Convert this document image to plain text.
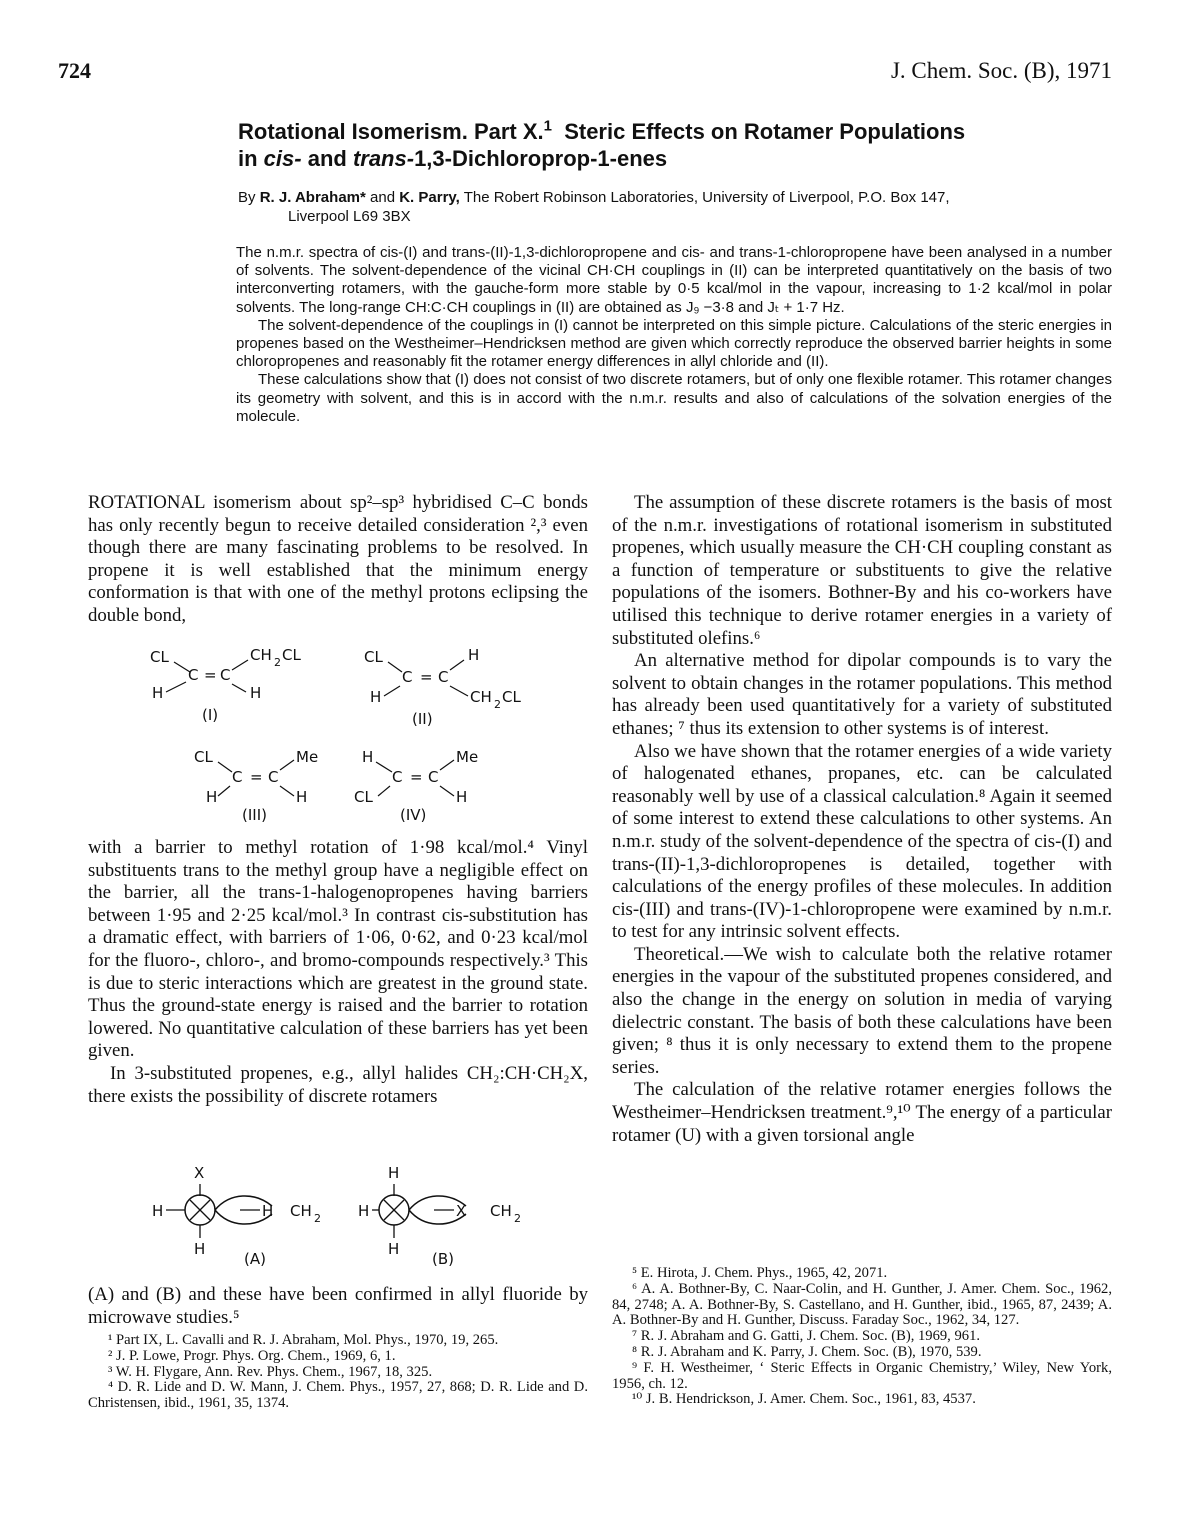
724	J. Chem. Soc. (B), 1971
Rotational Isomerism. Part X.$^1$  Steric Effects on Rotamer Populations
in cis- and trans-1,3-Dichloroprop-1-enes
By R. J. Abraham* and K. Parry, The Robert Robinson Laboratories, University of Liverpool, P.O. Box 147,
Liverpool L69 3BX

The n.m.r. spectra of cis-(I) and trans-(II)-1,3-dichloropropene and cis- and trans-1-chloropropene have been analysed in a number of solvents. The solvent-dependence of the vicinal CH·CH couplings in (II) can be interpreted quantitatively on the basis of two interconverting rotamers, with the gauche-form more stable by 0·5 kcal/mol in the vapour, increasing to 1·2 kcal/mol in polar solvents. The long-range CH:C·CH couplings in (II) are obtained as J₉ −3·8 and Jₜ + 1·7 Hz.

The solvent-dependence of the couplings in (I) cannot be interpreted on this simple picture. Calculations of the steric energies in propenes based on the Westheimer–Hendricksen method are given which correctly reproduce the observed barrier heights in some chloropropenes and reasonably fit the rotamer energy differences in allyl chloride and (II).

These calculations show that (I) does not consist of two discrete rotamers, but of only one flexible rotamer. This rotamer changes its geometry with solvent, and this is in accord with the n.m.r. results and also of calculations of the solvation energies of the molecule.

ROTATIONAL isomerism about sp²–sp³ hybridised C–C bonds has only recently begun to receive detailed consideration ²,³ even though there are many fascinating problems to be resolved. In propene it is well established that the minimum energy conformation is that with one of the methyl protons eclipsing the double bond,

CL
C = C
CH 2 CL
H	H
(I)
CL
C = C
H
H	CH 2 CL
(II)
CL
C = C
Me
H	H
(III)
H
C = C
Me
CL	H
(IV)

with a barrier to methyl rotation of 1·98 kcal/mol.⁴ Vinyl substituents trans to the methyl group have a negligible effect on the barrier, all the trans-1-halogenopropenes having barriers between 1·95 and 2·25 kcal/mol.³ In contrast cis-substitution has a dramatic effect, with barriers of 1·06, 0·62, and 0·23 kcal/mol for the fluoro-, chloro-, and bromo-compounds respectively.³ This is due to steric interactions which are greatest in the ground state. Thus the ground-state energy is raised and the barrier to rotation lowered. No quantitative calculation of these barriers has yet been given.

In 3-substituted propenes, e.g., allyl halides CH₂:CH·CH₂X, there exists the possibility of discrete rotamers

X
H	H CH 2
H
(A)
H
H	X CH 2
H
(B)

(A) and (B) and these have been confirmed in allyl fluoride by microwave studies.⁵

¹ Part IX, L. Cavalli and R. J. Abraham, Mol. Phys., 1970, 19, 265.

² J. P. Lowe, Progr. Phys. Org. Chem., 1969, 6, 1.

³ W. H. Flygare, Ann. Rev. Phys. Chem., 1967, 18, 325.

⁴ D. R. Lide and D. W. Mann, J. Chem. Phys., 1957, 27, 868; D. R. Lide and D. Christensen, ibid., 1961, 35, 1374.

The assumption of these discrete rotamers is the basis of most of the n.m.r. investigations of rotational isomerism in substituted propenes, which usually measure the CH·CH coupling constant as a function of temperature or substituents to give the relative populations of the isomers. Bothner-By and his co-workers have utilised this technique to derive rotamer energies in a variety of substituted olefins.⁶

An alternative method for dipolar compounds is to vary the solvent to obtain changes in the rotamer populations. This method has already been used quantitatively for a variety of substituted ethanes; ⁷ thus its extension to other systems is of interest.

Also we have shown that the rotamer energies of a wide variety of halogenated ethanes, propanes, etc. can be calculated reasonably well by use of a classical calculation.⁸ Again it seemed of some interest to extend these calculations to other systems. An n.m.r. study of the solvent-dependence of the spectra of cis-(I) and trans-(II)-1,3-dichloropropenes is detailed, together with calculations of the energy profiles of these molecules. In addition cis-(III) and trans-(IV)-1-chloropropene were examined by n.m.r. to test for any intrinsic solvent effects.

Theoretical.—We wish to calculate both the relative rotamer energies in the vapour of the substituted propenes considered, and also the change in the energy on solution in media of varying dielectric constant. The basis of both these calculations have been given; ⁸ thus it is only necessary to extend them to the propene series.

The calculation of the relative rotamer energies follows the Westheimer–Hendricksen treatment.⁹,¹⁰ The energy of a particular rotamer (U) with a given torsional angle

⁵ E. Hirota, J. Chem. Phys., 1965, 42, 2071.

⁶ A. A. Bothner-By, C. Naar-Colin, and H. Gunther, J. Amer. Chem. Soc., 1962, 84, 2748; A. A. Bothner-By, S. Castellano, and H. Gunther, ibid., 1965, 87, 2439; A. A. Bothner-By and H. Gunther, Discuss. Faraday Soc., 1962, 34, 127.

⁷ R. J. Abraham and G. Gatti, J. Chem. Soc. (B), 1969, 961.

⁸ R. J. Abraham and K. Parry, J. Chem. Soc. (B), 1970, 539.

⁹ F. H. Westheimer, ‘ Steric Effects in Organic Chemistry,’ Wiley, New York, 1956, ch. 12.

¹⁰ J. B. Hendrickson, J. Amer. Chem. Soc., 1961, 83, 4537.
